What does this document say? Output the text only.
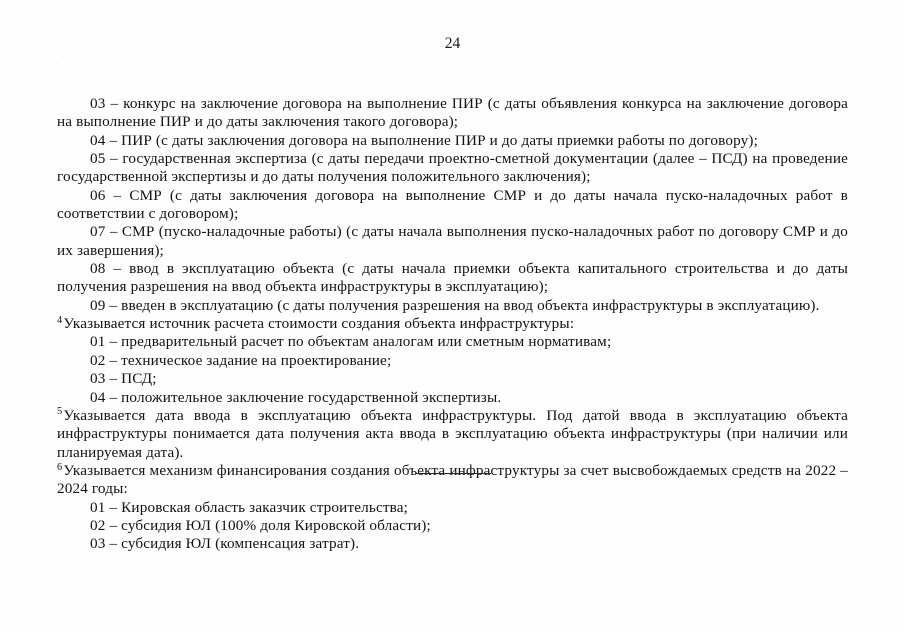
24

03 – конкурс на заключение договора на выполнение ПИР (с даты объявления конкурса на заключение договора на выполнение ПИР и до даты заключения такого договора);

04 – ПИР (с даты заключения договора на выполнение ПИР и до даты приемки работы по договору);

05 – государственная экспертиза (с даты передачи проектно-сметной документации (далее – ПСД) на проведение государственной экспертизы и до даты получения положительного заключения);

06 – СМР (с даты заключения договора на выполнение СМР и до даты начала пуско-наладочных работ в соответствии с договором);

07 – СМР (пуско-наладочные работы) (с даты начала выполнения пуско-наладочных работ по договору СМР и до их завершения);

08 – ввод в эксплуатацию объекта (с даты начала приемки объекта капитального строительства и до даты получения разрешения на ввод объекта инфраструктуры в эксплуатацию);

09 – введен в эксплуатацию (с даты получения разрешения на ввод объекта инфраструктуры в эксплуатацию).

$^4$Указывается источник расчета стоимости создания объекта инфраструктуры:

01 – предварительный расчет по объектам аналогам или сметным нормативам;

02 – техническое задание на проектирование;

03 – ПСД;

04 – положительное заключение государственной экспертизы.

$^5$Указывается дата ввода в эксплуатацию объекта инфраструктуры. Под датой ввода в эксплуатацию объекта инфраструктуры понимается дата получения акта ввода в эксплуатацию объекта инфраструктуры (при наличии или планируемая дата).

$^6$Указывается механизм финансирования создания объекта инфраструктуры за счет высвобождаемых средств на 2022 – 2024 годы:

01 – Кировская область заказчик строительства;

02 – субсидия ЮЛ (100% доля Кировской области);

03 – субсидия ЮЛ (компенсация затрат).
